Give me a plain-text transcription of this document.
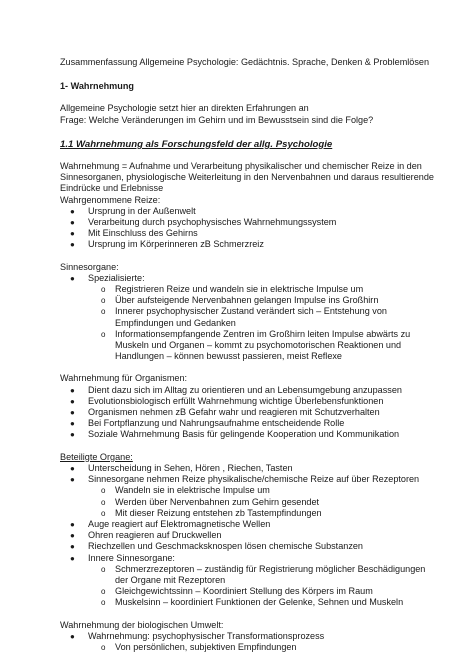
Zusammenfassung Allgemeine Psychologie: Gedächtnis. Sprache, Denken & Problemlösen

1- Wahrnehmung

Allgemeine Psychologie setzt hier an direkten Erfahrungen an

Frage: Welche Veränderungen im Gehirn und im Bewusstsein sind die Folge?

1.1 Wahrnehmung als Forschungsfeld der allg. Psychologie

Wahrnehmung = Aufnahme und Verarbeitung physikalischer und chemischer Reize in den Sinnesorganen, physiologische Weiterleitung in den Nervenbahnen und daraus resultierende Eindrücke und Erlebnisse

Wahrgenommene Reize:

● Ursprung in der Außenwelt
● Verarbeitung durch psychophysisches Wahrnehmungssystem
● Mit Einschluss des Gehirns
● Ursprung im Körperinneren zB Schmerzreiz

Sinnesorgane:

● Spezialisierte:
o Registrieren Reize und wandeln sie in elektrische Impulse um
o Über aufsteigende Nervenbahnen gelangen Impulse ins Großhirn
o Innerer psychophysischer Zustand verändert sich – Entstehung von Empfindungen und Gedanken
o Informationsempfangende Zentren im Großhirn leiten Impulse abwärts zu Muskeln und Organen – kommt zu psychomotorischen Reaktionen und Handlungen – können bewusst passieren, meist Reflexe

Wahrnehmung für Organismen:

● Dient dazu sich im Alltag zu orientieren und an Lebensumgebung anzupassen
● Evolutionsbiologisch erfüllt Wahrnehmung wichtige Überlebensfunktionen
● Organismen nehmen zB Gefahr wahr und reagieren mit Schutzverhalten
● Bei Fortpflanzung und Nahrungsaufnahme entscheidende Rolle
● Soziale Wahrnehmung Basis für gelingende Kooperation und Kommunikation

Beteiligte Organe:

● Unterscheidung in Sehen, Hören , Riechen, Tasten
● Sinnesorgane nehmen Reize physikalische/chemische Reize auf über Rezeptoren
o Wandeln sie in elektrische Impulse um
o Werden über Nervenbahnen zum Gehirn gesendet
o Mit dieser Reizung entstehen zb Tastempfindungen
● Auge reagiert auf Elektromagnetische Wellen
● Ohren reagieren auf Druckwellen
● Riechzellen und Geschmacksknospen lösen chemische Substanzen
● Innere Sinnesorgane:
o Schmerzrezeptoren – zuständig für Registrierung möglicher Beschädigungen der Organe mit Rezeptoren
o Gleichgewichtssinn – Koordiniert Stellung des Körpers im Raum
o Muskelsinn – koordiniert Funktionen der Gelenke, Sehnen und Muskeln

Wahrnehmung der biologischen Umwelt:

● Wahrnehmung: psychophysischer Transformationsprozess
o Von persönlichen, subjektiven Empfindungen
